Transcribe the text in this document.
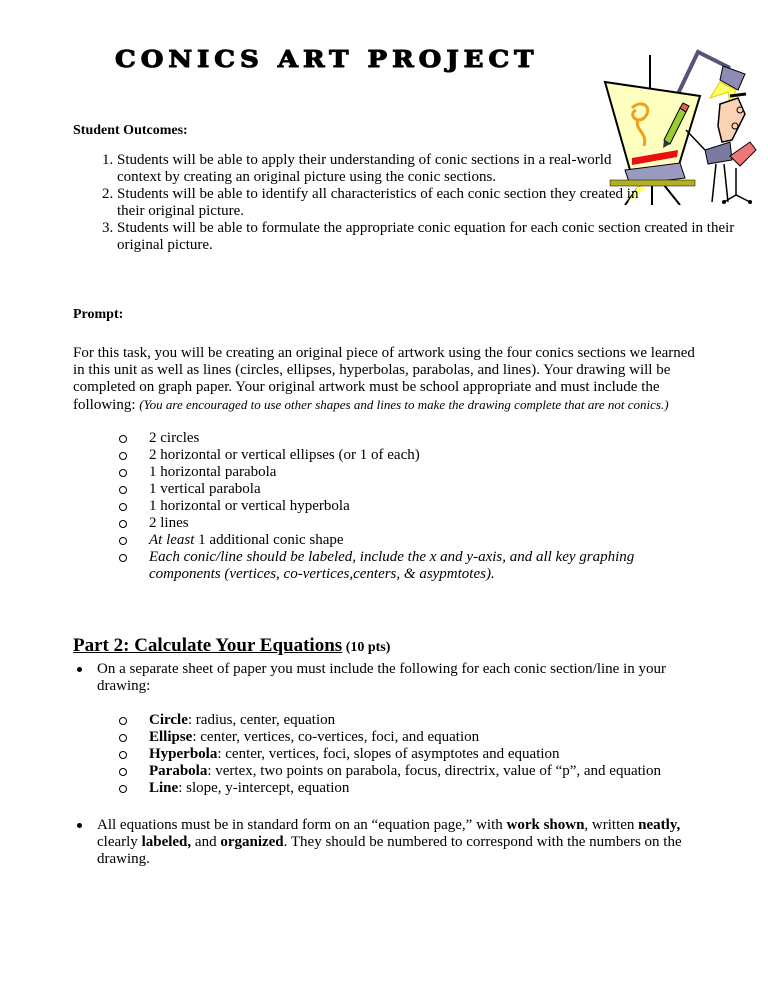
CONICS ART PROJECT
Student Outcomes:
1. Students will be able to apply their understanding of conic sections in a real-world context by creating an original picture using the conic sections.
2. Students will be able to identify all characteristics of each conic section they created in their original picture.
3. Students will be able to formulate the appropriate conic equation for each conic section created in their original picture.
Prompt:

For this task, you will be creating an original piece of artwork using the four conics sections we learned in this unit as well as lines (circles, ellipses, hyperbolas, parabolas, and lines). Your drawing will be completed on graph paper. Your original artwork must be school appropriate and must include the following: (You are encouraged to use other shapes and lines to make the drawing complete that are not conics.)

2 circles
2 horizontal or vertical ellipses (or 1 of each)
1 horizontal parabola
1 vertical parabola
1 horizontal or vertical hyperbola
2 lines
At least 1 additional conic shape
Each conic/line should be labeled, include the x and y-axis, and all key graphing components (vertices, co-vertices,centers, & asypmtotes).
Part 2: Calculate Your Equations (10 pts)
On a separate sheet of paper you must include the following for each conic section/line in your drawing:
Circle: radius, center, equation
Ellipse: center, vertices, co-vertices, foci, and equation
Hyperbola: center, vertices, foci, slopes of asymptotes and equation
Parabola: vertex, two points on parabola, focus, directrix, value of “p”, and equation
Line: slope, y-intercept, equation
All equations must be in standard form on an “equation page,” with work shown, written neatly, clearly labeled, and organized. They should be numbered to correspond with the numbers on the drawing.
